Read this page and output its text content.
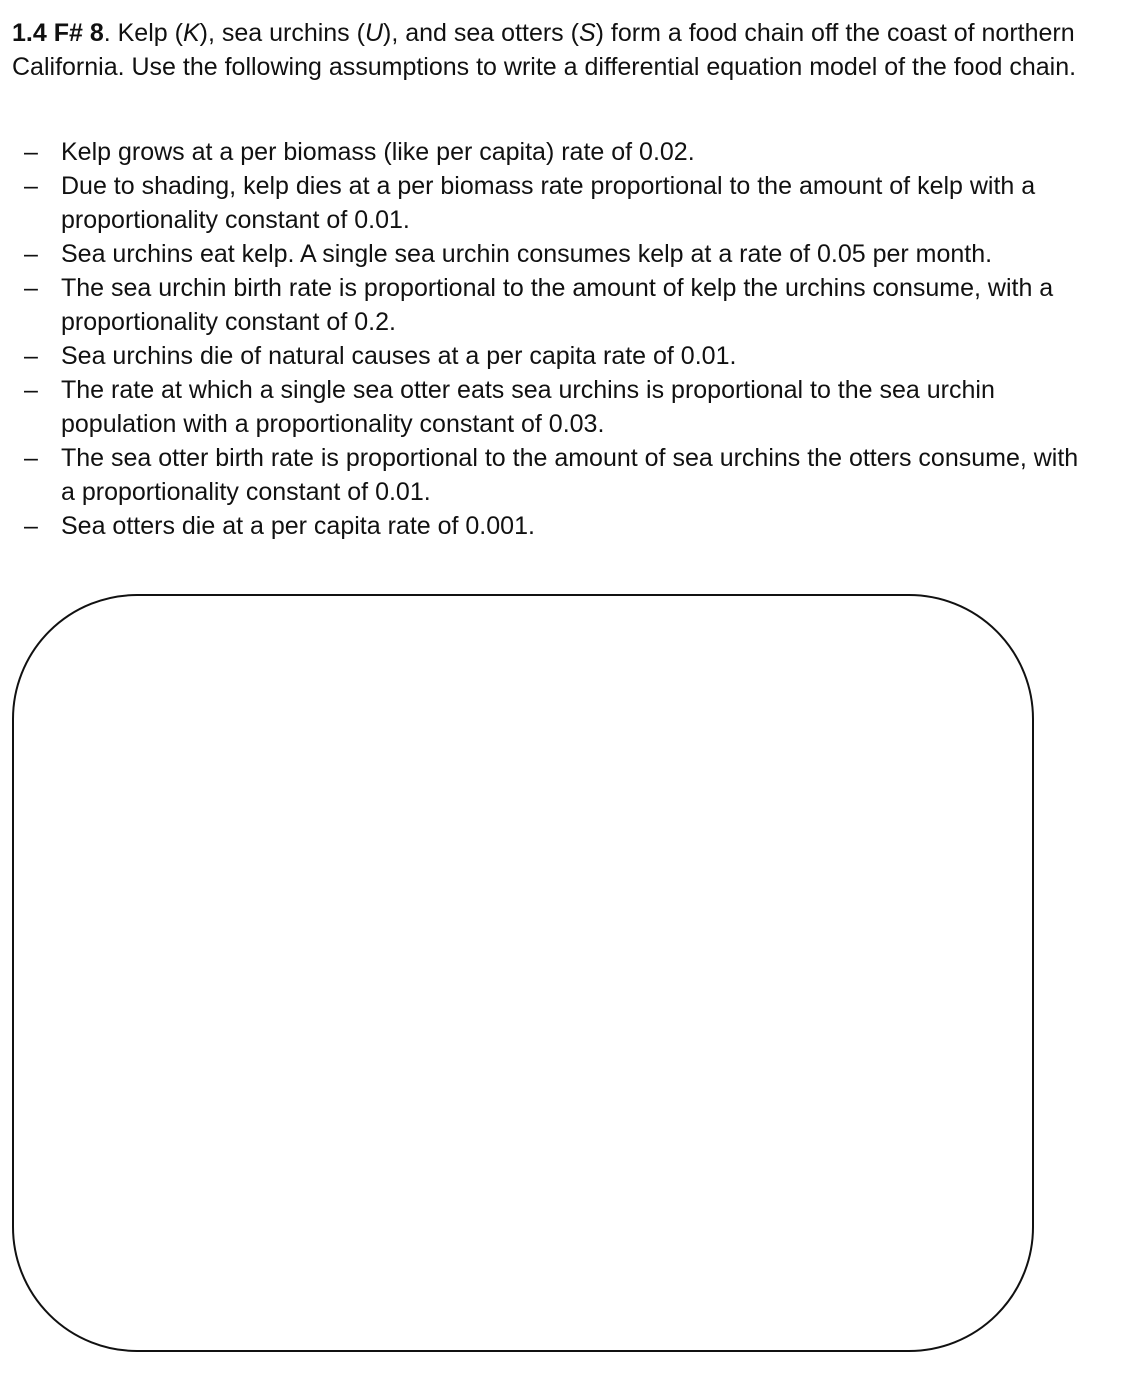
1.4 F# 8. Kelp (K), sea urchins (U), and sea otters (S) form a food chain off the coast of northern California. Use the following assumptions to write a differential equation model of the food chain.

– Kelp grows at a per biomass (like per capita) rate of 0.02.
– Due to shading, kelp dies at a per biomass rate proportional to the amount of kelp with a proportionality constant of 0.01.
– Sea urchins eat kelp. A single sea urchin consumes kelp at a rate of 0.05 per month.
– The sea urchin birth rate is proportional to the amount of kelp the urchins consume, with a proportionality constant of 0.2.
– Sea urchins die of natural causes at a per capita rate of 0.01.
– The rate at which a single sea otter eats sea urchins is proportional to the sea urchin population with a proportionality constant of 0.03.
– The sea otter birth rate is proportional to the amount of sea urchins the otters consume, with a proportionality constant of 0.01.
– Sea otters die at a per capita rate of 0.001.
